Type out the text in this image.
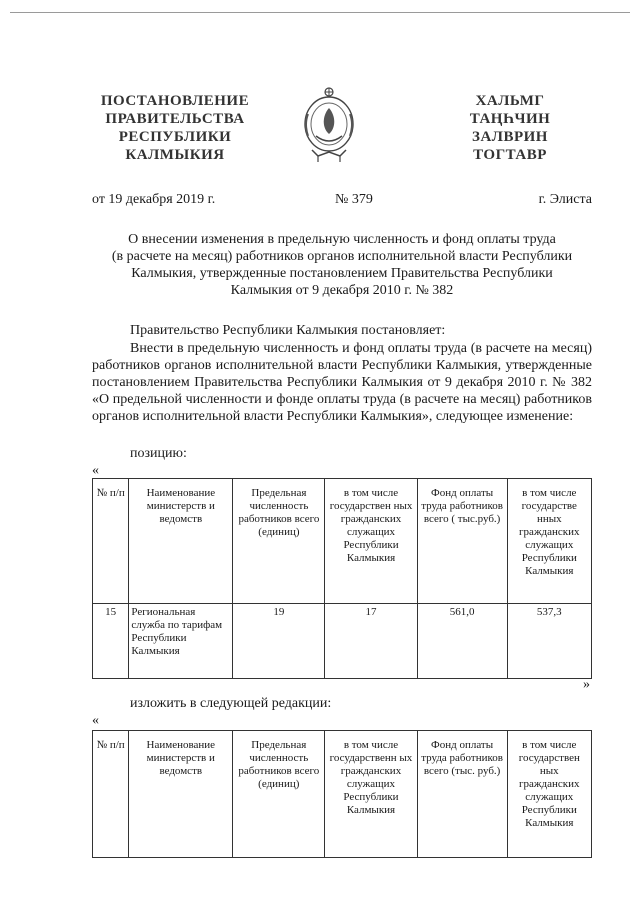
ПОСТАНОВЛЕНИЕ
ПРАВИТЕЛЬСТВА
РЕСПУБЛИКИ
КАЛМЫКИЯ
ХАЛЬМГ
ТАҢҺЧИН
ЗАЛВРИН
ТОГТАВР
от 19 декабря 2019 г.	№ 379	г. Элиста
О внесении изменения в предельную численность и фонд оплаты труда
(в расчете на месяц) работников органов исполнительной власти Республики
Калмыкия, утвержденные постановлением Правительства Республики
Калмыкия от 9 декабря 2010 г. № 382
Правительство Республики Калмыкия постановляет:
Внести в предельную численность и фонд оплаты труда (в расчете на месяц) работников органов исполнительной власти Республики Калмыкия, утвержденные постановлением Правительства Республики Калмыкия от 9 декабря 2010 г. № 382 «О предельной численности и фонде оплаты труда (в расчете на месяц) работников органов исполнительной власти Республики Калмыкия», следующее изменение:
позицию:
«
№ п/п	Наименование министерств и ведомств	Предельная численность работников всего (единиц)	в том числе государствен ных гражданских служащих Республики Калмыкия	Фонд оплаты труда работников всего ( тыс.руб.)	в том числе государстве нных гражданских служащих Республики Калмыкия
15	Региональная служба по тарифам Республики Калмыкия	19	17	561,0	537,3
»
изложить в следующей редакции:
«
№ п/п	Наименование министерств и ведомств	Предельная численность работников всего (единиц)	в том числе государственн ых гражданских служащих Республики Калмыкия	Фонд оплаты труда работников всего (тыс. руб.)	в том числе государствен ных гражданских служащих Республики Калмыкия
